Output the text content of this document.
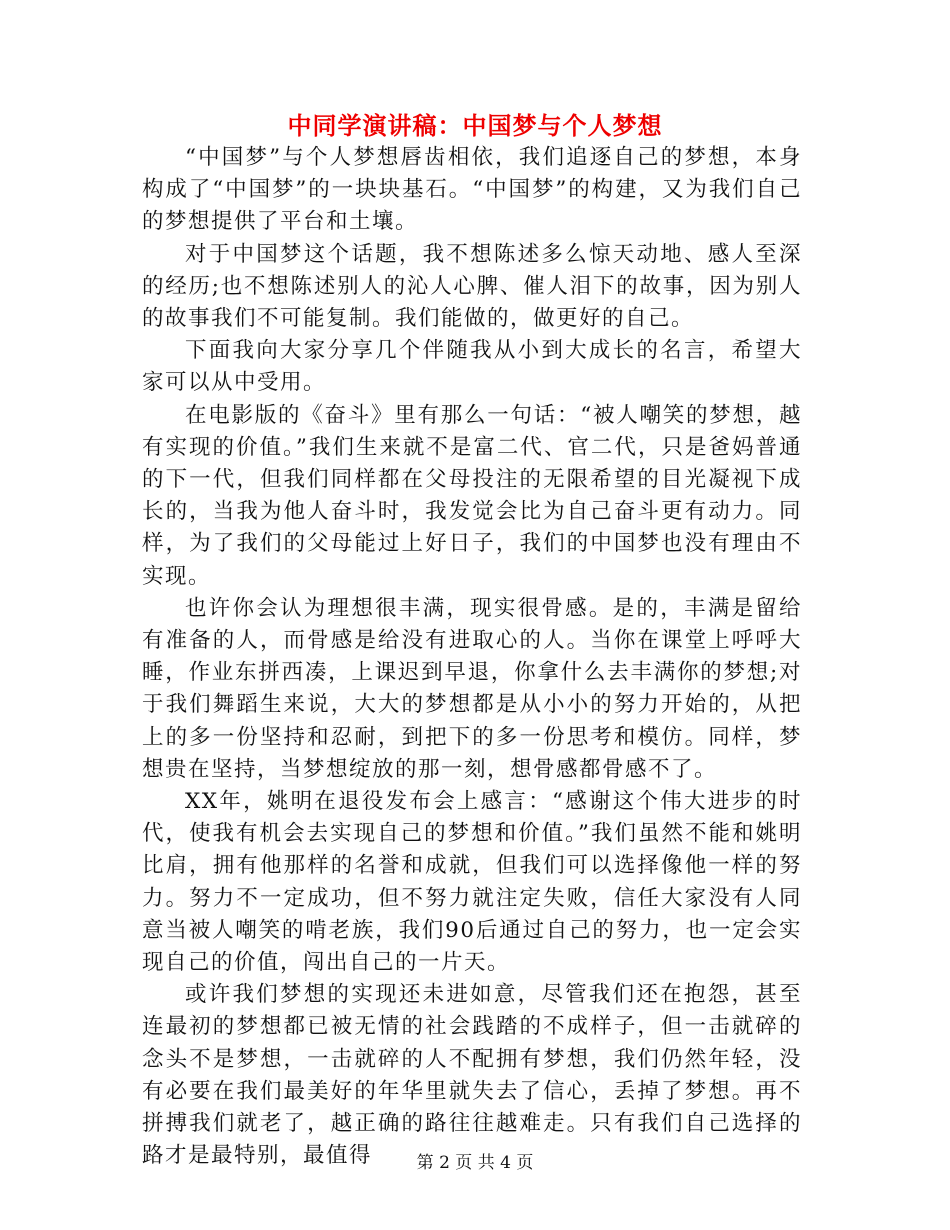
中同学演讲稿：中国梦与个人梦想

“中国梦”与个人梦想唇齿相依，我们追逐自己的梦想，本身构成了“中国梦”的一块块基石。“中国梦”的构建，又为我们自己的梦想提供了平台和土壤。

对于中国梦这个话题，我不想陈述多么惊天动地、感人至深的经历;也不想陈述别人的沁人心脾、催人泪下的故事，因为别人的故事我们不可能复制。我们能做的，做更好的自己。

下面我向大家分享几个伴随我从小到大成长的名言，希望大家可以从中受用。

在电影版的《奋斗》里有那么一句话：“被人嘲笑的梦想，越有实现的价值。”我们生来就不是富二代、官二代，只是爸妈普通的下一代，但我们同样都在父母投注的无限希望的目光凝视下成长的，当我为他人奋斗时，我发觉会比为自己奋斗更有动力。同样，为了我们的父母能过上好日子，我们的中国梦也没有理由不实现。

也许你会认为理想很丰满，现实很骨感。是的，丰满是留给有准备的人，而骨感是给没有进取心的人。当你在课堂上呼呼大睡，作业东拼西凑，上课迟到早退，你拿什么去丰满你的梦想;对于我们舞蹈生来说，大大的梦想都是从小小的努力开始的，从把上的多一份坚持和忍耐，到把下的多一份思考和模仿。同样，梦想贵在坚持，当梦想绽放的那一刻，想骨感都骨感不了。

XX年，姚明在退役发布会上感言：“感谢这个伟大进步的时代，使我有机会去实现自己的梦想和价值。”我们虽然不能和姚明比肩，拥有他那样的名誉和成就，但我们可以选择像他一样的努力。努力不一定成功，但不努力就注定失败，信任大家没有人同意当被人嘲笑的啃老族，我们90后通过自己的努力，也一定会实现自己的价值，闯出自己的一片天。

或许我们梦想的实现还未进如意，尽管我们还在抱怨，甚至连最初的梦想都已被无情的社会践踏的不成样子，但一击就碎的念头不是梦想，一击就碎的人不配拥有梦想，我们仍然年轻，没有必要在我们最美好的年华里就失去了信心，丢掉了梦想。再不拼搏我们就老了，越正确的路往往越难走。只有我们自己选择的路才是最特别，最值得	第 2 页 共 4 页
